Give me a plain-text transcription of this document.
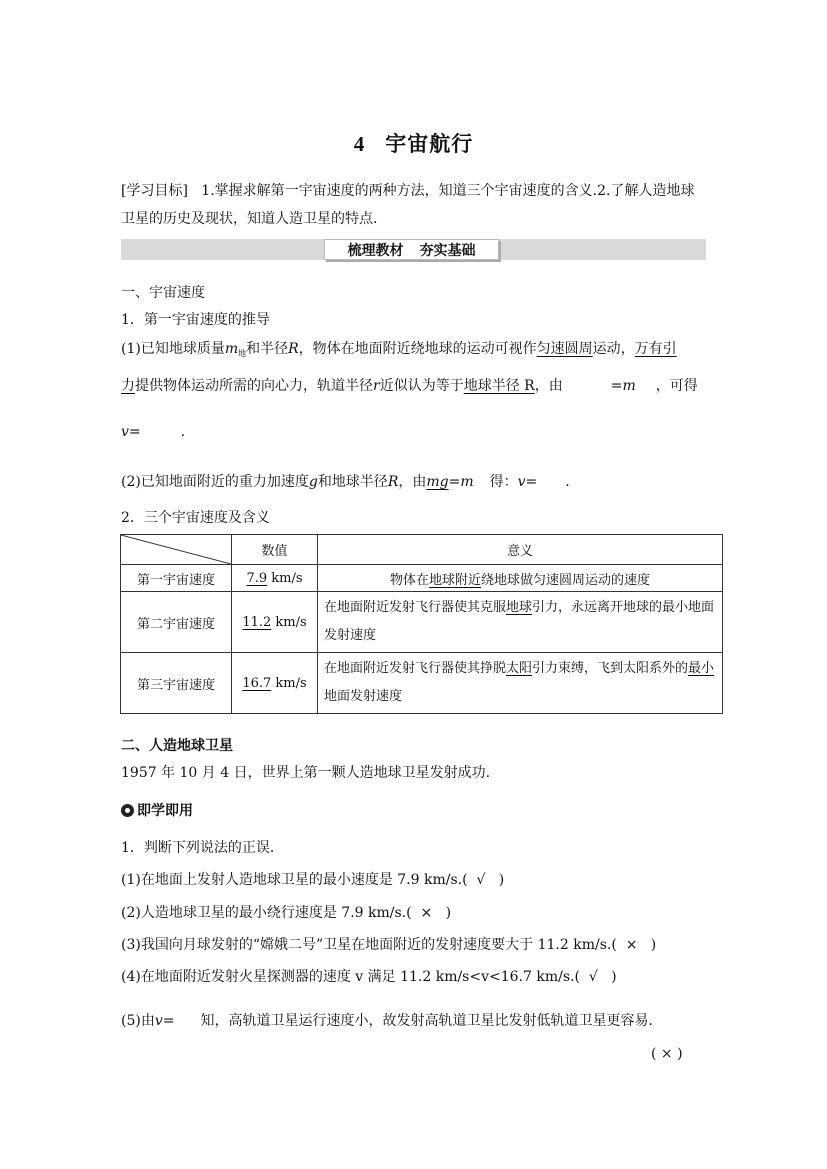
4 宇宙航行
[学习目标] 1.掌握求解第一宇宙速度的两种方法，知道三个宇宙速度的含义.2.了解人造地球
卫星的历史及现状，知道人造卫星的特点.
梳理教材 夯实基础
一、宇宙速度
1．第一宇宙速度的推导
(1)已知地球质量$m_地$和半径R，物体在地面附近绕地球的运动可视作匀速圆周运动，万有引
力提供物体运动所需的向心力，轨道半径r近似认为等于地球半径 R，由	=m ，可得
v=	.
(2)已知地面附近的重力加速度g和地球半径R，由mg=m 得：v= .
2．三个宇宙速度及含义
	数值	意义
第一宇宙速度	7.9 km/s	物体在地球附近绕地球做匀速圆周运动的速度
第二宇宙速度	11.2 km/s	在地面附近发射飞行器使其克服地球引力，永远离开地球的最小地面发射速度
第三宇宙速度	16.7 km/s	在地面附近发射飞行器使其挣脱太阳引力束缚，飞到太阳系外的最小地面发射速度
二、人造地球卫星
1957 年 10 月 4 日，世界上第一颗人造地球卫星发射成功.
即学即用
1．判断下列说法的正误．
(1)在地面上发射人造地球卫星的最小速度是 7.9 km/s.( √ )
(2)人造地球卫星的最小绕行速度是 7.9 km/s.( × )
(3)我国向月球发射的“嫦娥二号”卫星在地面附近的发射速度要大于 11.2 km/s.( × )
(4)在地面附近发射火星探测器的速度 v 满足 11.2 km/s<v<16.7 km/s.( √ )
(5)由v= 知，高轨道卫星运行速度小，故发射高轨道卫星比发射低轨道卫星更容易．
( × )
